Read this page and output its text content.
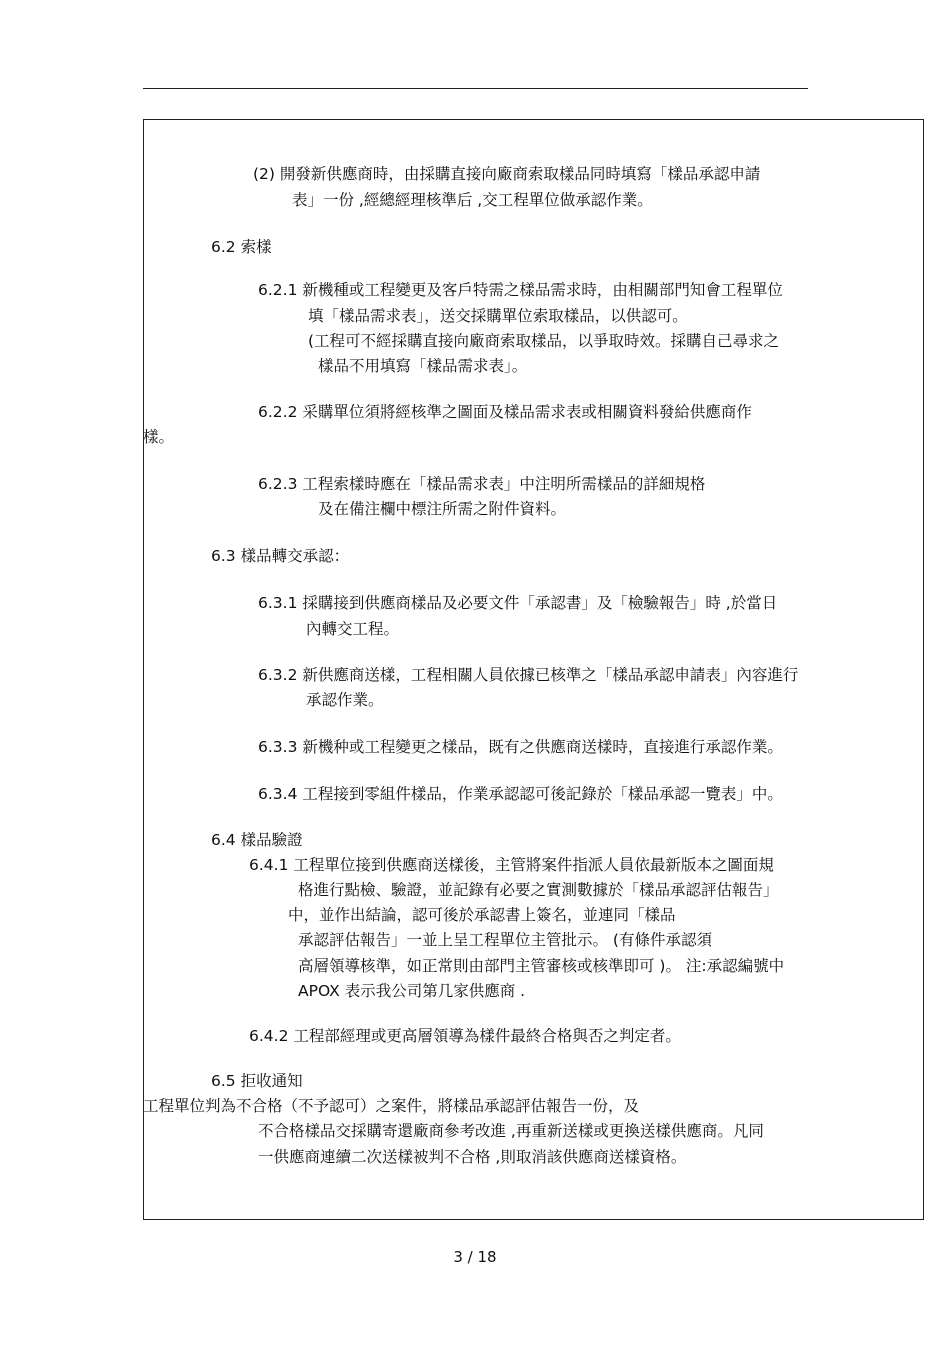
(2) 開發新供應商時，由採購直接向廠商索取樣品同時填寫「樣品承認申請
表」一份 ,經總經理核準后 ,交工程單位做承認作業。
6.2 索樣
6.2.1 新機種或工程變更及客戶特需之樣品需求時，由相關部門知會工程單位
填「樣品需求表」，送交採購單位索取樣品，以供認可。
(工程可不經採購直接向廠商索取樣品，以爭取時效。採購自己尋求之
樣品不用填寫「樣品需求表」。
6.2.2 采購單位須將經核準之圖面及樣品需求表或相關資料發給供應商作
樣。
6.2.3 工程索樣時應在「樣品需求表」中注明所需樣品的詳細規格
及在備注欄中標注所需之附件資料。
6.3 樣品轉交承認：
6.3.1 採購接到供應商樣品及必要文件「承認書」及「檢驗報告」時 ,於當日
內轉交工程。
6.3.2 新供應商送樣，工程相關人員依據已核準之「樣品承認申請表」內容進行
承認作業。
6.3.3 新機种或工程變更之樣品，既有之供應商送樣時，直接進行承認作業。
6.3.4 工程接到零組件樣品，作業承認認可後記錄於「樣品承認一覽表」中。
6.4 樣品驗證
6.4.1 工程單位接到供應商送樣後，主管將案件指派人員依最新版本之圖面規
格進行點檢、驗證，並記錄有必要之實測數據於「樣品承認評估報告」
中，並作出結論，認可後於承認書上簽名，並連同「樣品
承認評估報告」一並上呈工程單位主管批示。 (有條件承認須
高層領導核準，如正常則由部門主管審核或核準即可 )。 注:承認編號中
APOX 表示我公司第几家供應商 .
6.4.2 工程部經理或更高層領導為樣件最終合格與否之判定者。
6.5 拒收通知
工程單位判為不合格（不予認可）之案件，將樣品承認評估報告一份，及
不合格樣品交採購寄還廠商參考改進 ,再重新送樣或更換送樣供應商。凡同
一供應商連續二次送樣被判不合格 ,則取消該供應商送樣資格。
3 / 18
